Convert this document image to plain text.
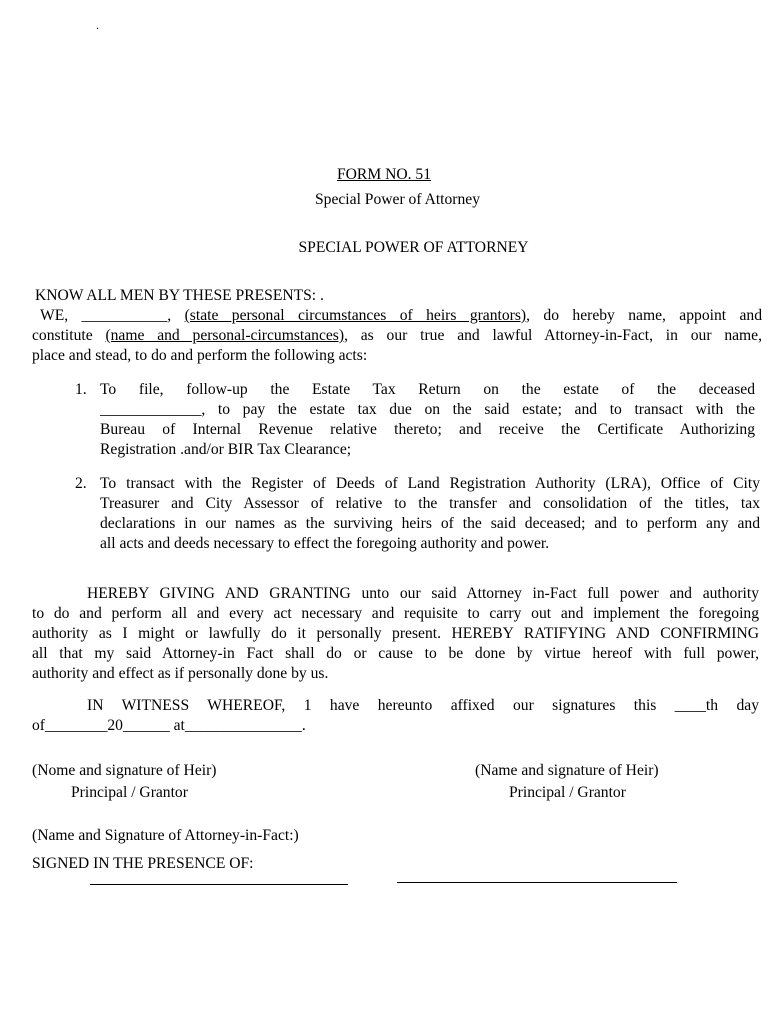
.
FORM NO. 51
Special Power of Attorney
SPECIAL POWER OF ATTORNEY
KNOW ALL MEN BY THESE PRESENTS: .
WE, ___________, (state personal circumstances of heirs grantors), do hereby name, appoint and
constitute (name and personal-circumstances), as our true and lawful Attorney-in-Fact, in our name,
place and stead, to do and perform the following acts:
1. To file, follow-up the Estate Tax Return on the estate of the deceased
_____________, to pay the estate tax due on the said estate; and to transact with the
Bureau of Internal Revenue relative thereto; and receive the Certificate Authorizing
Registration .and/or BIR Tax Clearance;
2. To transact with the Register of Deeds of Land Registration Authority (LRA), Office of City
Treasurer and City Assessor of relative to the transfer and consolidation of the titles, tax
declarations in our names as the surviving heirs of the said deceased; and to perform any and
all acts and deeds necessary to effect the foregoing authority and power.
HEREBY GIVING AND GRANTING unto our said Attorney in-Fact full power and authority
to do and perform all and every act necessary and requisite to carry out and implement the foregoing
authority as I might or lawfully do it personally present. HEREBY RATIFYING AND CONFIRMING
all that my said Attorney-in Fact shall do or cause to be done by virtue hereof with full power,
authority and effect as if personally done by us.
IN WITNESS WHEREOF, 1 have hereunto affixed our signatures this ____th day
of________20______ at_______________.
(Nome and signature of Heir)
Principal / Grantor
(Name and signature of Heir)
Principal / Grantor
(Name and Signature of Attorney-in-Fact:)
SIGNED IN THE PRESENCE OF:
